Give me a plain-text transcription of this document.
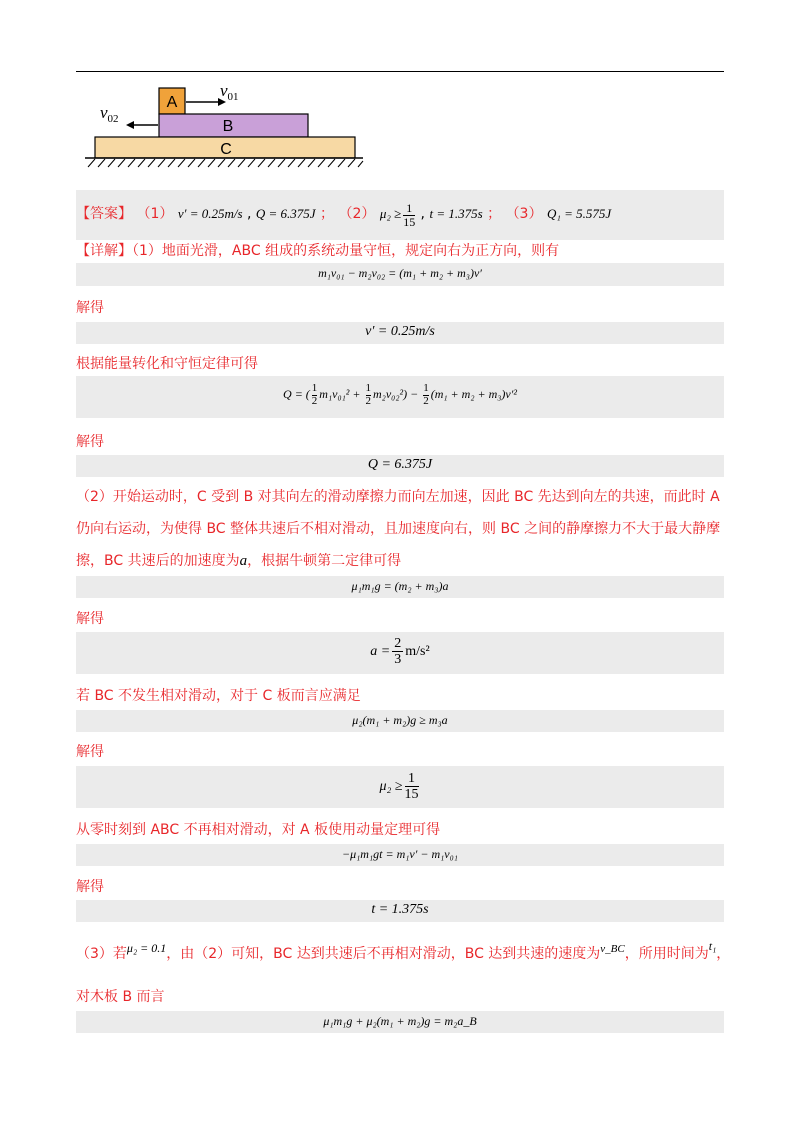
A
B
C
$v_{01}$
$v_{02}$
【答案】 （1） v′ = 0.25m/s , Q = 6.375J ； （2） $\mu_2 \ge \frac{1}{15}$ , t = 1.375s ； （3） Q₁ = 5.575J
【详解】（1）地面光滑，ABC 组成的系统动量守恒，规定向右为正方向，则有
m₁v₀₁ − m₂v₀₂ = (m₁ + m₂ + m₃)v′
解得
v′ = 0.25m/s
根据能量转化和守恒定律可得
Q = ( $\frac{1}{2} m_1v_{01}^2 + \frac{1}{2} m_2v_{02}^2) - \frac{1}{2} (m_1 + m_2 + m_3)v'^2$
解得
Q = 6.375J
（2）开始运动时，C 受到 B 对其向左的滑动摩擦力而向左加速，因此 BC 先达到向左的共速，而此时 A
仍向右运动，为使得 BC 整体共速后不相对滑动，且加速度向右，则 BC 之间的静摩擦力不大于最大静摩
擦，BC 共速后的加速度为a，根据牛顿第二定律可得
μ₁m₁g = (m₂ + m₃)a
解得
$a = \frac{2}{3} m/s^2$
若 BC 不发生相对滑动，对于 C 板而言应满足
μ₂(m₁ + m₂)g ≥ m₃a
解得
$\mu_2 \ge \frac{1}{15}$
从零时刻到 ABC 不再相对滑动，对 A 板使用动量定理可得
−μ₁m₁gt = m₁v′ − m₁v₀₁
解得
t = 1.375s
（3）若μ₂ = 0.1，由（2）可知，BC 达到共速后不再相对滑动，BC 达到共速的速度为$^{v\_BC}$，所用时间为t₁，
对木板 B 而言
μ₁m₁g + μ₂(m₁ + m₂)g = m₂a_B
